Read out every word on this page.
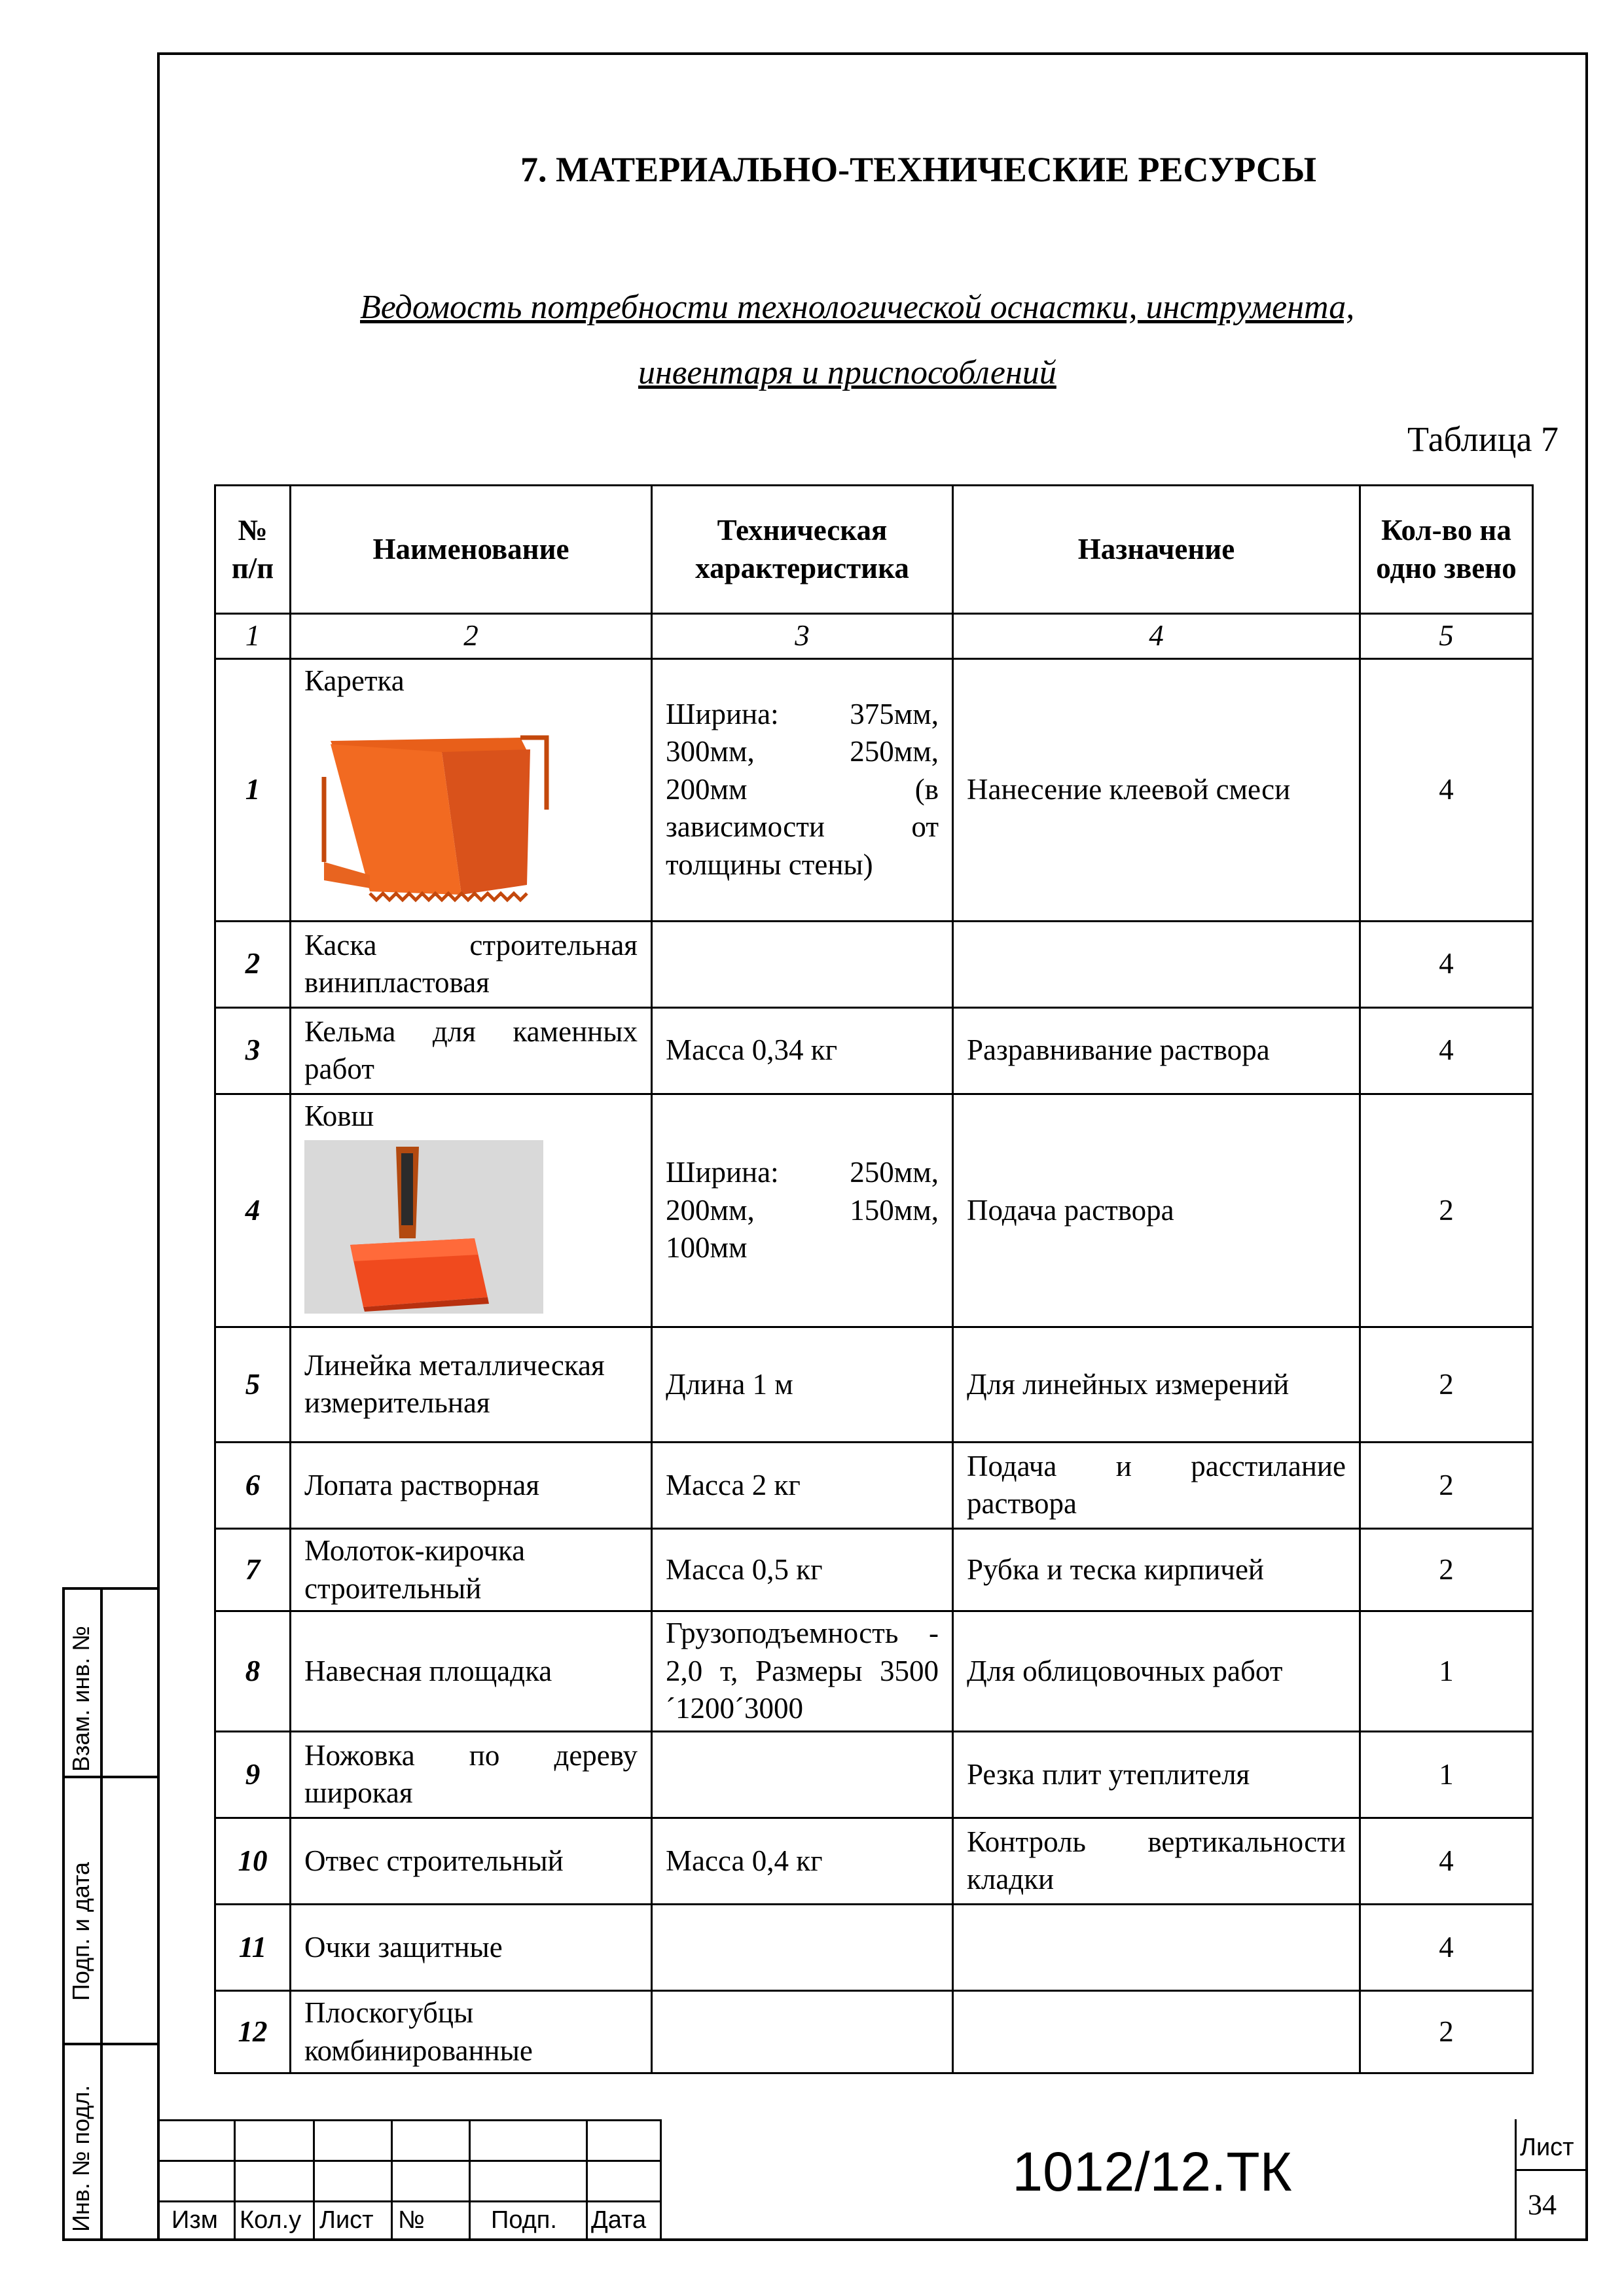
7. МАТЕРИАЛЬНО-ТЕХНИЧЕСКИЕ РЕСУРСЫ
Ведомость потребности технологической оснастки, инструмента,
инвентаря и приспособлений
Таблица 7
№ п/п	Наименование	Техническая характеристика	Назначение	Кол-во на одно звено
1	2	3	4	5
1	Каретка	Ширина: 375мм, 300мм, 250мм, 200мм (в зависимости от толщины стены)	Нанесение клеевой смеси	4
2	Каска строительная винипластовая			4
3	Кельма для каменных работ	Масса 0,34 кг	Разравнивание раствора	4
4	Ковш	Ширина: 250мм, 200мм, 150мм, 100мм	Подача раствора	2
5	Линейка металлическая измерительная	Длина 1 м	Для линейных измерений	2
6	Лопата растворная	Масса 2 кг	Подача и расстилание раствора	2
7	Молоток-кирочка строительный	Масса 0,5 кг	Рубка и теска кирпичей	2
8	Навесная площадка	Грузоподъемность - 2,0 т, Размеры 3500´1200´3000	Для облицовочных работ	1
9	Ножовка по дереву широкая		Резка плит утеплителя	1
10	Отвес строительный	Масса 0,4 кг	Контроль вертикальности кладки	4
11	Очки защитные			4
12	Плоскогубцы комбинированные			2
Взам. инв. №
Подп. и дата
Инв. № подл.	Изм Кол.у Лист №	Подп. Дата
Лист
34
1012/12.ТК
